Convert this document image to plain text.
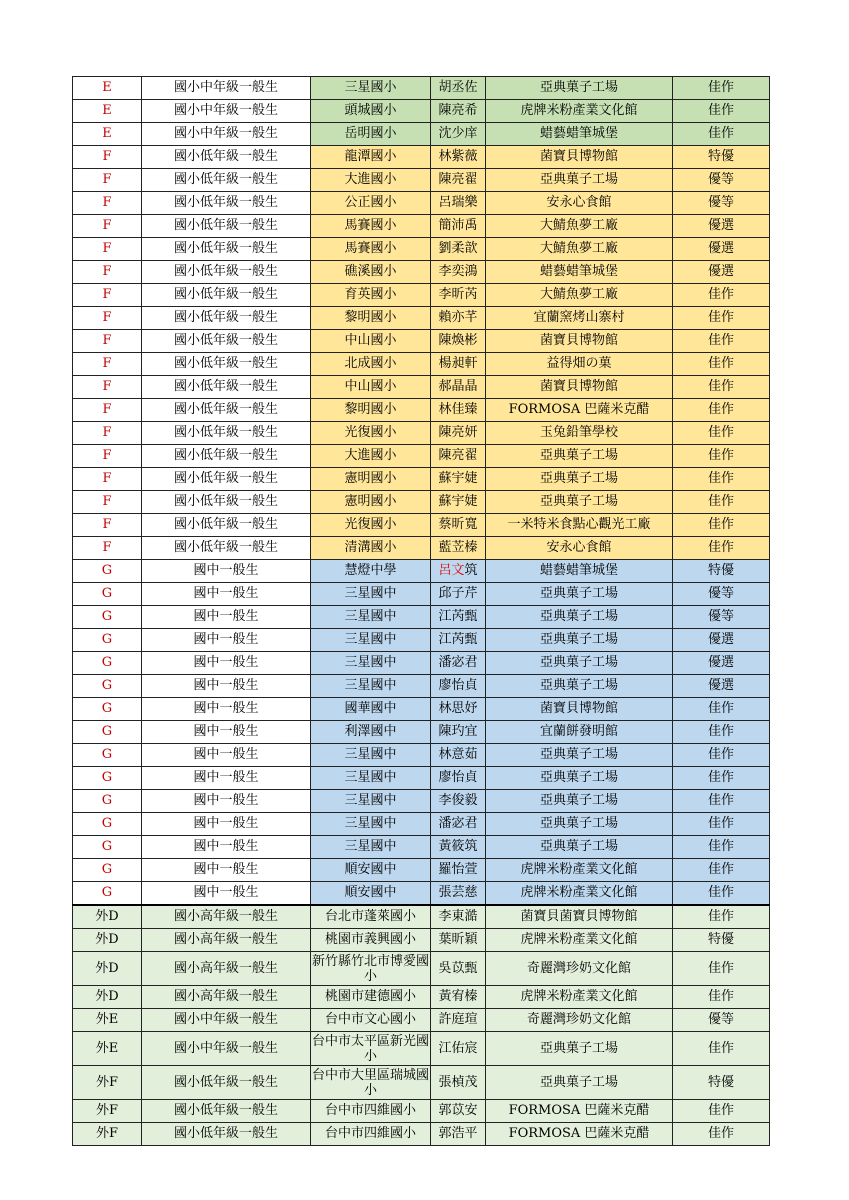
E	國小中年級一般生	三星國小	胡丞佐	亞典菓子工場	佳作
E	國小中年級一般生	頭城國小	陳亮希	虎牌米粉產業文化館	佳作
E	國小中年級一般生	岳明國小	沈少庠	蜡藝蜡筆城堡	佳作
F	國小低年級一般生	龍潭國小	林紫薇	菌寶貝博物館	特優
F	國小低年級一般生	大進國小	陳亮翟	亞典菓子工場	優等
F	國小低年級一般生	公正國小	呂瑞樂	安永心食館	優等
F	國小低年級一般生	馬賽國小	簡沛禹	大鯖魚夢工廠	優選
F	國小低年級一般生	馬賽國小	劉柔歆	大鯖魚夢工廠	優選
F	國小低年級一般生	礁溪國小	李奕鴻	蜡藝蜡筆城堡	優選
F	國小低年級一般生	育英國小	李昕芮	大鯖魚夢工廠	佳作
F	國小低年級一般生	黎明國小	賴亦芊	宜蘭窯烤山寨村	佳作
F	國小低年級一般生	中山國小	陳煥彬	菌寶貝博物館	佳作
F	國小低年級一般生	北成國小	楊昶軒	益得畑の菓	佳作
F	國小低年級一般生	中山國小	郝晶晶	菌寶貝博物館	佳作
F	國小低年級一般生	黎明國小	林佳臻	FORMOSA 巴薩米克醋	佳作
F	國小低年級一般生	光復國小	陳亮妍	玉兔鉛筆學校	佳作
F	國小低年級一般生	大進國小	陳亮翟	亞典菓子工場	佳作
F	國小低年級一般生	憲明國小	蘇宇婕	亞典菓子工場	佳作
F	國小低年級一般生	憲明國小	蘇宇婕	亞典菓子工場	佳作
F	國小低年級一般生	光復國小	蔡昕寬	一米特米食點心觀光工廠	佳作
F	國小低年級一般生	清溝國小	藍苙榛	安永心食館	佳作
G	國中一般生	慧燈中學	呂文筑	蜡藝蜡筆城堡	特優
G	國中一般生	三星國中	邱子芹	亞典菓子工場	優等
G	國中一般生	三星國中	江芮甄	亞典菓子工場	優等
G	國中一般生	三星國中	江芮甄	亞典菓子工場	優選
G	國中一般生	三星國中	潘宓君	亞典菓子工場	優選
G	國中一般生	三星國中	廖怡貞	亞典菓子工場	優選
G	國中一般生	國華國中	林思妤	菌寶貝博物館	佳作
G	國中一般生	利澤國中	陳玓宜	宜蘭餅發明館	佳作
G	國中一般生	三星國中	林意茹	亞典菓子工場	佳作
G	國中一般生	三星國中	廖怡貞	亞典菓子工場	佳作
G	國中一般生	三星國中	李俊毅	亞典菓子工場	佳作
G	國中一般生	三星國中	潘宓君	亞典菓子工場	佳作
G	國中一般生	三星國中	黃筱筑	亞典菓子工場	佳作
G	國中一般生	順安國中	羅怡萱	虎牌米粉產業文化館	佳作
G	國中一般生	順安國中	張芸慈	虎牌米粉產業文化館	佳作
外D	國小高年級一般生	台北市蓬萊國小	李東澔	菌寶貝菌寶貝博物館	佳作
外D	國小高年級一般生	桃園市義興國小	葉昕穎	虎牌米粉產業文化館	特優
外D	國小高年級一般生	新竹縣竹北市博愛國小	吳苡甄	奇麗灣珍奶文化館	佳作
外D	國小高年級一般生	桃園市建德國小	黃宥榛	虎牌米粉產業文化館	佳作
外E	國小中年級一般生	台中市文心國小	許庭瑄	奇麗灣珍奶文化館	優等
外E	國小中年級一般生	台中市太平區新光國小	江佑宸	亞典菓子工場	佳作
外F	國小低年級一般生	台中市大里區瑞城國小	張楨茂	亞典菓子工場	特優
外F	國小低年級一般生	台中市四維國小	郭苡安	FORMOSA 巴薩米克醋	佳作
外F	國小低年級一般生	台中市四維國小	郭浩平	FORMOSA 巴薩米克醋	佳作
